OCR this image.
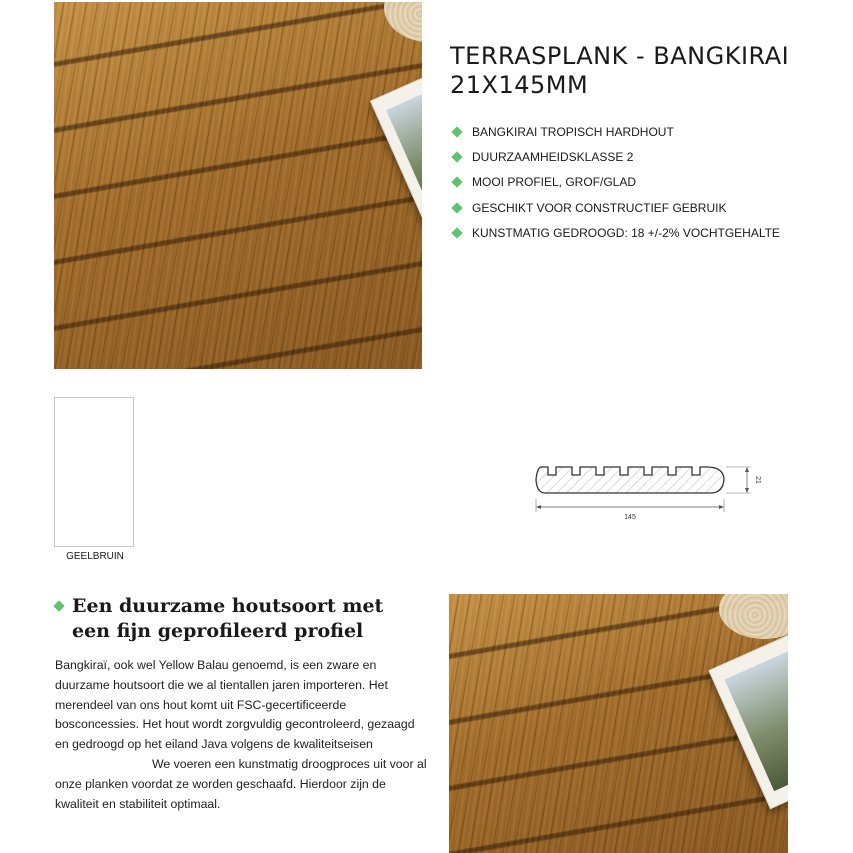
TERRASPLANK - BANGKIRAI
21X145MM
BANGKIRAI TROPISCH HARDHOUT
DUURZAAMHEIDSKLASSE 2
MOOI PROFIEL, GROF/GLAD
GESCHIKT VOOR CONSTRUCTIEF GEBRUIK
KUNSTMATIG GEDROOGD: 18 +/-2% VOCHTGEHALTE
GEELBRUIN
145
21
Een duurzame houtsoort met
een fijn geprofileerd profiel

Bangkiraï, ook wel Yellow Balau genoemd, is een zware en duurzame houtsoort die we al tientallen jaren importeren. Het merendeel van ons hout komt uit FSC-gecertificeerde bosconcessies. Het hout wordt zorgvuldig gecontroleerd, gezaagd en gedroogd op het eiland Java volgens de kwaliteitseisenWe voeren een kunstmatig droogproces uit voor al onze planken voordat ze worden geschaafd. Hierdoor zijn de kwaliteit en stabiliteit optimaal.
